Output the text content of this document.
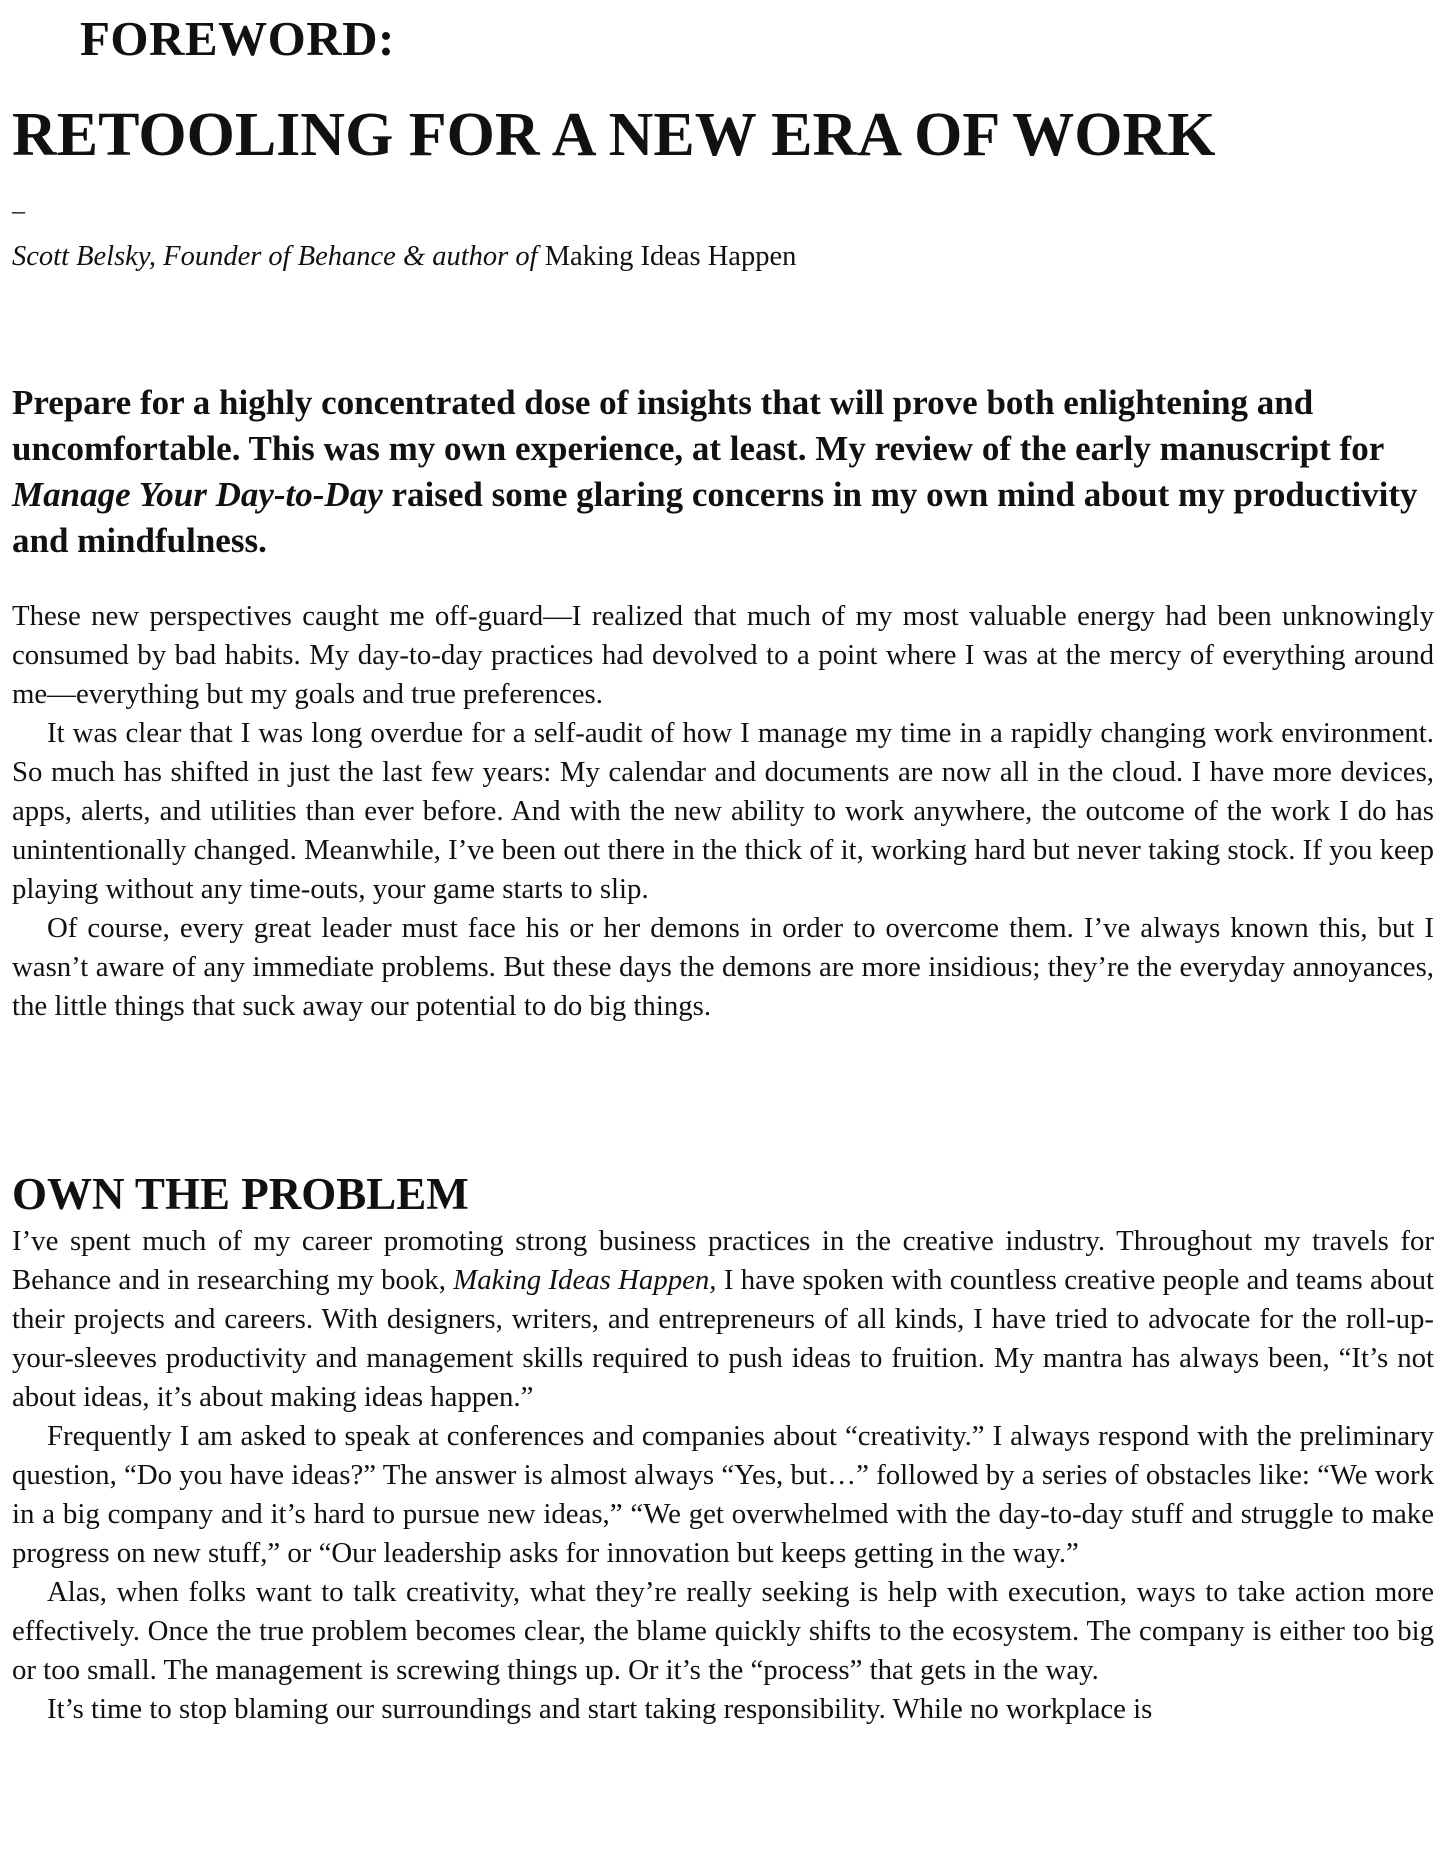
FOREWORD:
RETOOLING FOR A NEW ERA OF WORK
–
Scott Belsky, Founder of Behance & author of Making Ideas Happen

Prepare for a highly concentrated dose of insights that will prove both enlightening and uncomfortable. This was my own experience, at least. My review of the early manuscript for Manage Your Day-to-Day raised some glaring concerns in my own mind about my productivity and mindfulness.

These new perspectives caught me off-guard—I realized that much of my most valuable energy had been unknowingly consumed by bad habits. My day-to-day practices had devolved to a point where I was at the mercy of everything around me—everything but my goals and true preferences.

It was clear that I was long overdue for a self-audit of how I manage my time in a rapidly changing work environment. So much has shifted in just the last few years: My calendar and documents are now all in the cloud. I have more devices, apps, alerts, and utilities than ever before. And with the new ability to work anywhere, the outcome of the work I do has unintentionally changed. Meanwhile, I’ve been out there in the thick of it, working hard but never taking stock. If you keep playing without any time-outs, your game starts to slip.

Of course, every great leader must face his or her demons in order to overcome them. I’ve always known this, but I wasn’t aware of any immediate problems. But these days the demons are more insidious; they’re the everyday annoyances, the little things that suck away our potential to do big things.

OWN THE PROBLEM

I’ve spent much of my career promoting strong business practices in the creative industry. Throughout my travels for Behance and in researching my book, Making Ideas Happen, I have spoken with countless creative people and teams about their projects and careers. With designers, writers, and entrepreneurs of all kinds, I have tried to advocate for the roll-up-your-sleeves productivity and management skills required to push ideas to fruition. My mantra has always been, “It’s not about ideas, it’s about making ideas happen.”

Frequently I am asked to speak at conferences and companies about “creativity.” I always respond with the preliminary question, “Do you have ideas?” The answer is almost always “Yes, but…” followed by a series of obstacles like: “We work in a big company and it’s hard to pursue new ideas,” “We get overwhelmed with the day-to-day stuff and struggle to make progress on new stuff,” or “Our leadership asks for innovation but keeps getting in the way.”

Alas, when folks want to talk creativity, what they’re really seeking is help with execution, ways to take action more effectively. Once the true problem becomes clear, the blame quickly shifts to the ecosystem. The company is either too big or too small. The management is screwing things up. Or it’s the “process” that gets in the way.

It’s time to stop blaming our surroundings and start taking responsibility. While no workplace is
